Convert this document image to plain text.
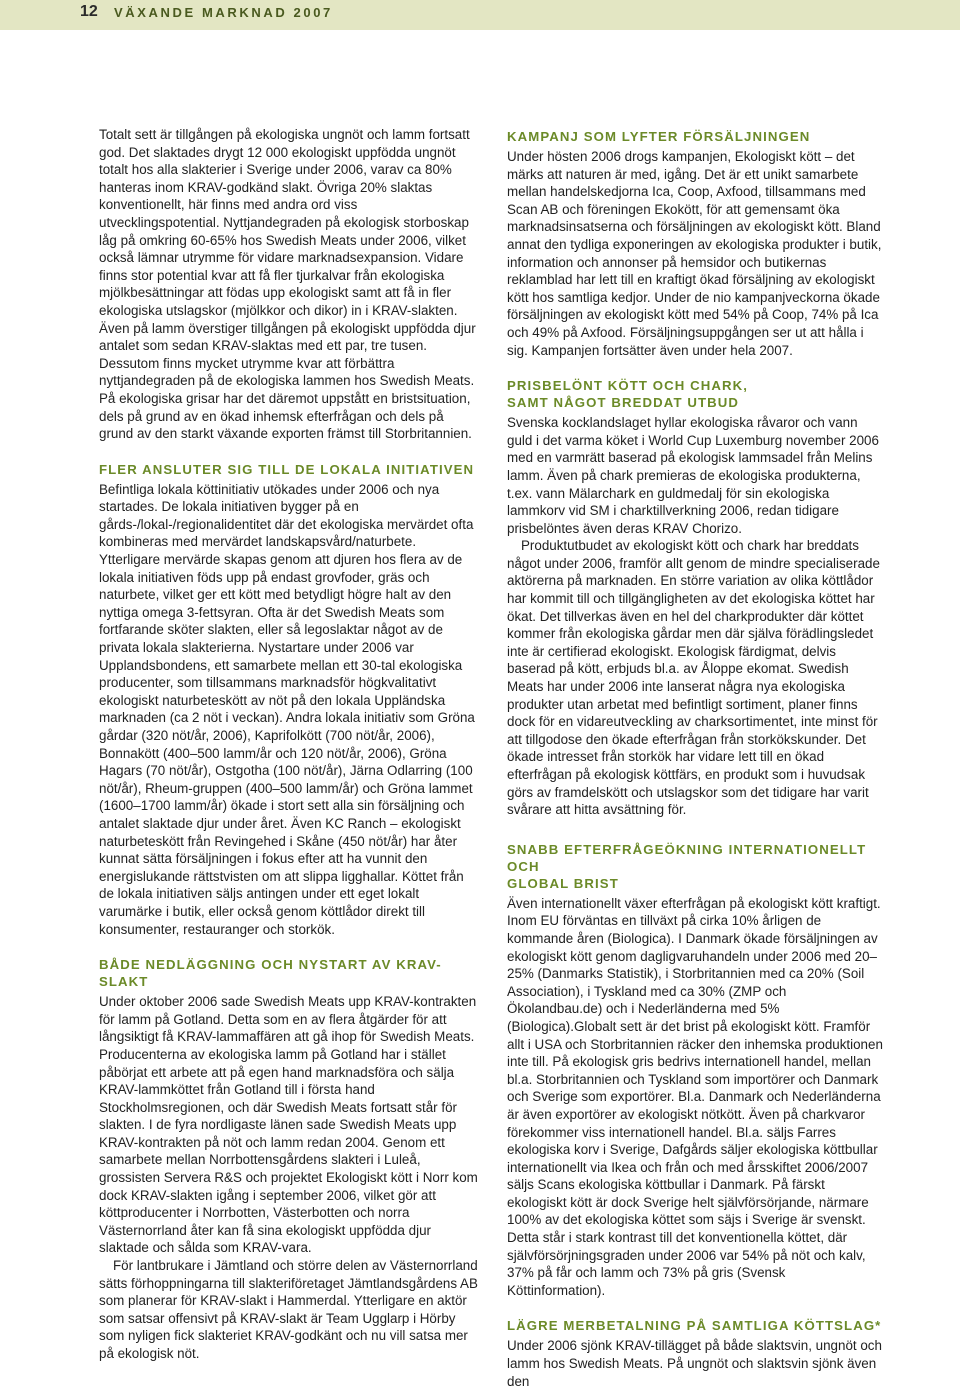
12 VÄXANDE MARKNAD 2007

Totalt sett är tillgången på ekologiska ungnöt och lamm fortsatt god. Det slaktades drygt 12 000 ekologiskt uppfödda ungnöt totalt hos alla slakterier i Sverige under 2006, varav ca 80% hanteras inom KRAV-godkänd slakt. Övriga 20% slaktas konventionellt, här finns med andra ord viss utvecklingspotential. Nyttjandegraden på ekologisk storboskap låg på omkring 60-65% hos Swedish Meats under 2006, vilket också lämnar utrymme för vidare marknadsexpansion. Vidare finns stor potential kvar att få fler tjurkalvar från ekologiska mjölkbesättningar att födas upp ekologiskt samt att få in fler ekologiska utslagskor (mjölkkor och dikor) in i KRAV-slakten. Även på lamm överstiger tillgången på ekologiskt uppfödda djur antalet som sedan KRAV-slaktas med ett par, tre tusen. Dessutom finns mycket utrymme kvar att förbättra nyttjandegraden på de ekologiska lammen hos Swedish Meats. På ekologiska grisar har det däremot uppstått en bristsituation, dels på grund av en ökad inhemsk efterfrågan och dels på grund av den starkt växande exporten främst till Storbritannien.

FLER ANSLUTER SIG TILL DE LOKALA INITIATIVEN

Befintliga lokala köttinitiativ utökades under 2006 och nya startades. De lokala initiativen bygger på en gårds-/lokal-/regionalidentitet där det ekologiska mervärdet ofta kombineras med mervärdet landskapsvård/naturbete. Ytterligare mervärde skapas genom att djuren hos flera av de lokala initiativen föds upp på endast grovfoder, gräs och naturbete, vilket ger ett kött med betydligt högre halt av den nyttiga omega 3-fettsyran. Ofta är det Swedish Meats som fortfarande sköter slakten, eller så legoslaktar något av de privata lokala slakterierna. Nystartare under 2006 var Upplandsbondens, ett samarbete mellan ett 30-tal ekologiska producenter, som tillsammans marknadsför högkvalitativt ekologiskt naturbeteskött av nöt på den lokala Uppländska marknaden (ca 2 nöt i veckan). Andra lokala initiativ som Gröna gårdar (320 nöt/år, 2006), Kaprifolkött (700 nöt/år, 2006), Bonnakött (400–500 lamm/år och 120 nöt/år, 2006), Gröna Hagars (70 nöt/år), Ostgotha (100 nöt/år), Järna Odlarring (100 nöt/år), Rheum-gruppen (400–500 lamm/år) och Gröna lammet (1600–1700 lamm/år) ökade i stort sett alla sin försäljning och antalet slaktade djur under året. Även KC Ranch – ekologiskt naturbeteskött från Revingehed i Skåne (450 nöt/år) har åter kunnat sätta försäljningen i fokus efter att ha vunnit den energislukande rättstvisten om att slippa ligghallar. Köttet från de lokala initiativen säljs antingen under ett eget lokalt varumärke i butik, eller också genom köttlådor direkt till konsumenter, restauranger och storkök.

BÅDE NEDLÄGGNING OCH NYSTART AV KRAV-SLAKT

Under oktober 2006 sade Swedish Meats upp KRAV-kontrakten för lamm på Gotland. Detta som en av flera åtgärder för att långsiktigt få KRAV-lammaffären att gå ihop för Swedish Meats. Producenterna av ekologiska lamm på Gotland har i stället påbörjat ett arbete att på egen hand marknadsföra och sälja KRAV-lammköttet från Gotland till i första hand Stockholmsregionen, och där Swedish Meats fortsatt står för slakten. I de fyra nordligaste länen sade Swedish Meats upp KRAV-kontrakten på nöt och lamm redan 2004. Genom ett samarbete mellan Norrbottensgårdens slakteri i Luleå, grossisten Servera R&S och projektet Ekologiskt kött i Norr kom dock KRAV-slakten igång i september 2006, vilket gör att köttproducenter i Norrbotten, Västerbotten och norra Västernorrland åter kan få sina ekologiskt uppfödda djur slaktade och sålda som KRAV-vara.

För lantbrukare i Jämtland och större delen av Västernorrland sätts förhoppningarna till slakteriföretaget Jämtlandsgårdens AB som planerar för KRAV-slakt i Hammerdal. Ytterligare en aktör som satsar offensivt på KRAV-slakt är Team Ugglarp i Hörby som nyligen fick slakteriet KRAV-godkänt och nu vill satsa mer på ekologisk nöt.

KAMPANJ SOM LYFTER FÖRSÄLJNINGEN

Under hösten 2006 drogs kampanjen, Ekologiskt kött – det märks att naturen är med, igång. Det är ett unikt samarbete mellan handelskedjorna Ica, Coop, Axfood, tillsammans med Scan AB och föreningen Ekokött, för att gemensamt öka marknadsinsatserna och försäljningen av ekologiskt kött. Bland annat den tydliga exponeringen av ekologiska produkter i butik, information och annonser på hemsidor och butikernas reklamblad har lett till en kraftigt ökad försäljning av ekologiskt kött hos samtliga kedjor. Under de nio kampanjveckorna ökade försäljningen av ekologiskt kött med 54% på Coop, 74% på Ica och 49% på Axfood. Försäljningsuppgången ser ut att hålla i sig. Kampanjen fortsätter även under hela 2007.

PRISBELÖNT KÖTT OCH CHARK,
SAMT NÅGOT BREDDAT UTBUD

Svenska kocklandslaget hyllar ekologiska råvaror och vann guld i det varma köket i World Cup Luxemburg november 2006 med en varmrätt baserad på ekologisk lammsadel från Melins lamm. Även på chark premieras de ekologiska produkterna, t.ex. vann Mälarchark en guldmedalj för sin ekologiska lammkorv vid SM i charktillverkning 2006, redan tidigare prisbelöntes även deras KRAV Chorizo.

Produktutbudet av ekologiskt kött och chark har breddats något under 2006, framför allt genom de mindre specialiserade aktörerna på marknaden. En större variation av olika köttlådor har kommit till och tillgängligheten av det ekologiska köttet har ökat. Det tillverkas även en hel del charkprodukter där köttet kommer från ekologiska gårdar men där själva förädlingsledet inte är certifierad ekologiskt. Ekologisk färdigmat, delvis baserad på kött, erbjuds bl.a. av Åloppe ekomat. Swedish Meats har under 2006 inte lanserat några nya ekologiska produkter utan arbetat med befintligt sortiment, planer finns dock för en vidareutveckling av charksortimentet, inte minst för att tillgodose den ökade efterfrågan från storkökskunder. Det ökade intresset från storkök har vidare lett till en ökad efterfrågan på ekologisk köttfärs, en produkt som i huvudsak görs av framdelskött och utslagskor som det tidigare har varit svårare att hitta avsättning för.

SNABB EFTERFRÅGEÖKNING INTERNATIONELLT OCH
GLOBAL BRIST

Även internationellt växer efterfrågan på ekologiskt kött kraftigt. Inom EU förväntas en tillväxt på cirka 10% årligen de kommande åren (Biologica). I Danmark ökade försäljningen av ekologiskt kött genom dagligvaruhandeln under 2006 med 20–25% (Danmarks Statistik), i Storbritannien med ca 20% (Soil Association), i Tyskland med ca 30% (ZMP och Ökolandbau.de) och i Nederländerna med 5% (Biologica).Globalt sett är det brist på ekologiskt kött. Framför allt i USA och Storbritannien räcker den inhemska produktionen inte till. På ekologisk gris bedrivs internationell handel, mellan bl.a. Storbritannien och Tyskland som importörer och Danmark och Sverige som exportörer. Bl.a. Danmark och Nederländerna är även exportörer av ekologiskt nötkött. Även på charkvaror förekommer viss internationell handel. Bl.a. säljs Farres ekologiska korv i Sverige, Dafgårds säljer ekologiska köttbullar internationellt via Ikea och från och med årsskiftet 2006/2007 säljs Scans ekologiska köttbullar i Danmark. På färskt ekologiskt kött är dock Sverige helt självförsörjande, närmare 100% av det ekologiska köttet som säjs i Sverige är svenskt. Detta står i stark kontrast till det konventionella köttet, där självförsörjningsgraden under 2006 var 54% på nöt och kalv, 37% på får och lamm och 73% på gris (Svensk Köttinformation).

LÄGRE MERBETALNING PÅ SAMTLIGA KÖTTSLAG*

Under 2006 sjönk KRAV-tillägget på både slaktsvin, ungnöt och lamm hos Swedish Meats. På ungnöt och slaktsvin sjönk även den
